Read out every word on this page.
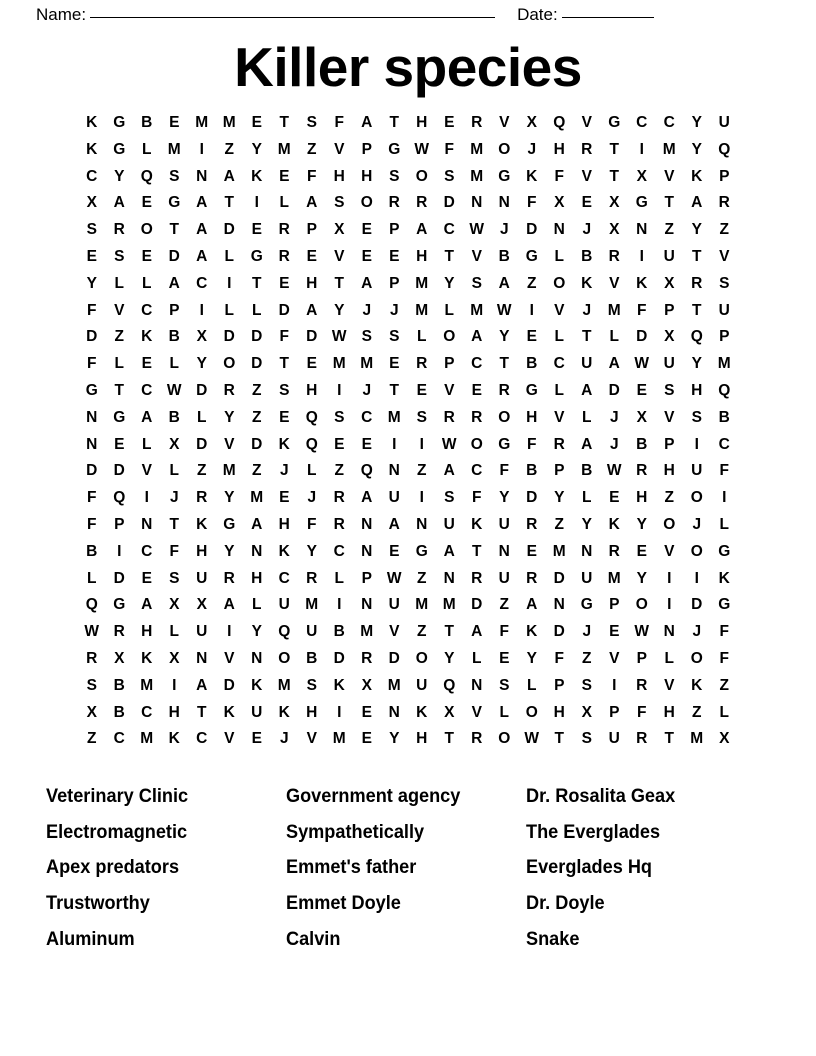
Name:	Date:
Killer species
K	G	B	E	M M	E	T	S	F	A	T	H	E	R	V	X	Q	V	G	C	C	Y	U
K	G	L	M	I	Z	Y	M	Z	V	P	G W F	M O	J	H	R	T	I	M	Y	Q
C	Y	Q	S	N	A	K	E	F	H	H	S	O	S	M G	K	F	V	T	X	V	K	P
X	A	E	G	A	T	I	L	A	S	O	R	R	D	N	N	F	X	E	X	G	T	A	R
S	R	O	T	A	D	E	R	P	X	E	P	A	C W	J	D	N	J	X	N	Z	Y	Z
E	S	E	D	A	L	G	R	E	V	E	E	H	T	V	B	G	L	B	R	I	U	T	V
Y	L	L	A	C	I	T	E	H	T	A	P	M	Y	S	A	Z	O	K	V	K	X	R	S
F	V	C	P	I	L	L	D	A	Y	J	J	M	L	M W	I	V	J	M	F	P	T	U
D	Z	K	B	X	D	D	F	D W S	S	L	O	A	Y	E	L	T	L	D	X	Q	P
F	L	E	L	Y	O	D	T	E	M M	E	R	P	C	T	B	C	U	A W U	Y	M
G	T	C W D	R	Z	S	H	I	J	T	E	V	E	R	G	L	A	D	E	S	H	Q
N	G	A	B	L	Y	Z	E	Q	S	C M	S	R	R	O	H	V	L	J	X	V	S	B
N	E	L	X	D	V	D	K	Q	E	E	I	I	W O G	F	R	A	J	B	P	I	C
D	D	V	L	Z	M	Z	J	L	Z	Q	N	Z	A	C	F	B	P	B W R	H	U	F
F	Q	I	J	R	Y	M	E	J	R	A	U	I	S	F	Y	D	Y	L	E	H	Z	O	I
F	P	N	T	K	G	A	H	F	R	N	A	N	U	K	U	R	Z	Y	K	Y	O	J	L
B	I	C	F	H	Y	N	K	Y	C	N	E	G	A	T	N	E	M N	R	E	V	O G
L	D	E	S	U	R	H	C	R	L	P W Z	N	R	U	R	D	U M	Y	I	I	K
Q G	A	X	X	A	L	U M	I	N	U M M D	Z	A	N	G	P	O	I	D	G
W R	H	L	U	I	Y	Q	U	B M	V	Z	T	A	F	K	D	J	E W N	J	F
R	X	K	X	N	V	N	O	B	D	R	D	O	Y	L	E	Y	F	Z	V	P	L	O	F
S	B M	I	A	D	K M	S	K	X	M U	Q	N	S	L	P	S	I	R	V	K	Z
X	B	C	H	T	K	U	K	H	I	E	N	K	X	V	L	O	H	X	P	F	H	Z	L
Z	C M K	C	V	E	J	V	M	E	Y	H	T	R	O W T	S	U	R	T	M	X
Veterinary Clinic	Government agency	Dr. Rosalita Geax
Electromagnetic	Sympathetically	The Everglades
Apex predators	Emmet's father	Everglades Hq
Trustworthy	Emmet Doyle	Dr. Doyle
Aluminum	Calvin	Snake
